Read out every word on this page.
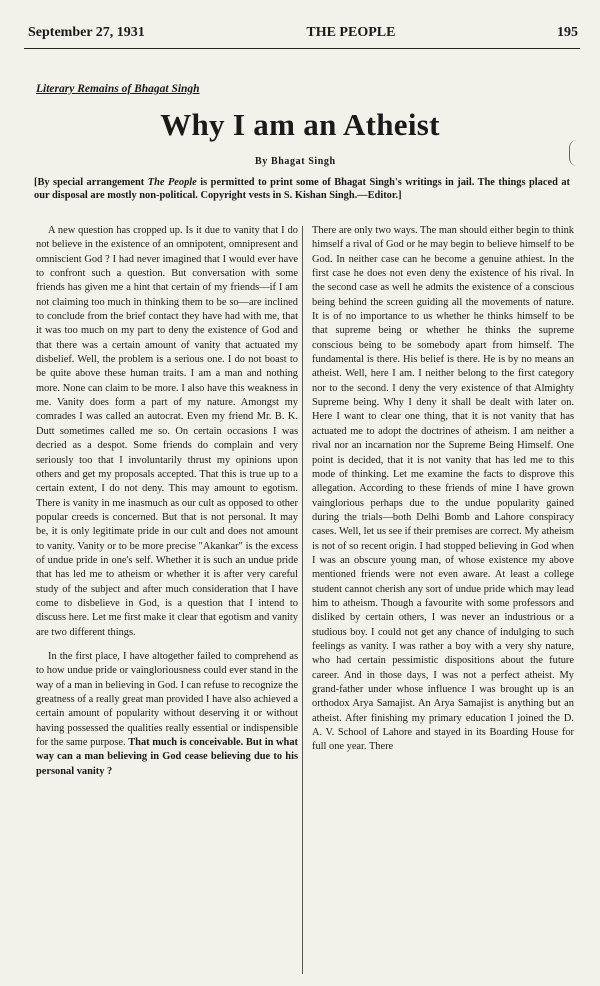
September 27, 1931	THE PEOPLE	195
Literary Remains of Bhagat Singh
Why I am an Atheist
By Bhagat Singh
[By special arrangement The People is permitted to print some of Bhagat Singh's writings in jail. The things placed at our disposal are mostly non-political. Copyright vests in S. Kishan Singh.—Editor.]

A new question has cropped up. Is it due to vanity that I do not believe in the existence of an omnipotent, omnipresent and omniscient God ? I had never imagined that I would ever have to confront such a question. But conversation with some friends has given me a hint that certain of my friends—if I am not claiming too much in thinking them to be so—are inclined to conclude from the brief contact they have had with me, that it was too much on my part to deny the existence of God and that there was a certain amount of vanity that actuated my disbelief. Well, the problem is a serious one. I do not boast to be quite above these human traits. I am a man and nothing more. None can claim to be more. I also have this weakness in me. Vanity does form a part of my nature. Amongst my comrades I was called an autocrat. Even my friend Mr. B. K. Dutt sometimes called me so. On certain occasions I was decried as a despot. Some friends do complain and very seriously too that I involuntarily thrust my opinions upon others and get my proposals accepted. That this is true up to a certain extent, I do not deny. This may amount to egotism. There is vanity in me inasmuch as our cult as opposed to other popular creeds is concerned. But that is not personal. It may be, it is only legitimate pride in our cult and does not amount to vanity. Vanity or to be more precise "Akankar" is the excess of undue pride in one's self. Whether it is such an undue pride that has led me to atheism or whether it is after very careful study of the subject and after much consideration that I have come to disbelieve in God, is a question that I intend to discuss here. Let me first make it clear that egotism and vanity are two different things.

In the first place, I have altogether failed to comprehend as to how undue pride or vaingloriousness could ever stand in the way of a man in believing in God. I can refuse to recognize the greatness of a really great man provided I have also achieved a certain amount of popularity without deserving it or without having possessed the qualities really essential or indispensible for the same purpose. That much is conceivable. But in what way can a man believing in God cease believing due to his personal vanity ?

There are only two ways. The man should either begin to think himself a rival of God or he may begin to believe himself to be God. In neither case can he become a genuine athiest. In the first case he does not even deny the existence of his rival. In the second case as well he admits the existence of a conscious being behind the screen guiding all the movements of nature. It is of no importance to us whether he thinks himself to be that supreme being or whether he thinks the supreme conscious being to be somebody apart from himself. The fundamental is there. His belief is there. He is by no means an atheist. Well, here I am. I neither belong to the first category nor to the second. I deny the very existence of that Almighty Supreme being. Why I deny it shall be dealt with later on. Here I want to clear one thing, that it is not vanity that has actuated me to adopt the doctrines of atheism. I am neither a rival nor an incarnation nor the Supreme Being Himself. One point is decided, that it is not vanity that has led me to this mode of thinking. Let me examine the facts to disprove this allegation. According to these friends of mine I have grown vainglorious perhaps due to the undue popularity gained during the trials—both Delhi Bomb and Lahore conspiracy cases. Well, let us see if their premises are correct. My atheism is not of so recent origin. I had stopped believing in God when I was an obscure young man, of whose existence my above mentioned friends were not even aware. At least a college student cannot cherish any sort of undue pride which may lead him to atheism. Though a favourite with some professors and disliked by certain others, I was never an industrious or a studious boy. I could not get any chance of indulging to such feelings as vanity. I was rather a boy with a very shy nature, who had certain pessimistic dispositions about the future career. And in those days, I was not a perfect atheist. My grand-father under whose influence I was brought up is an orthodox Arya Samajist. An Arya Samajist is anything but an atheist. After finishing my primary education I joined the D. A. V. School of Lahore and stayed in its Boarding House for full one year. There
